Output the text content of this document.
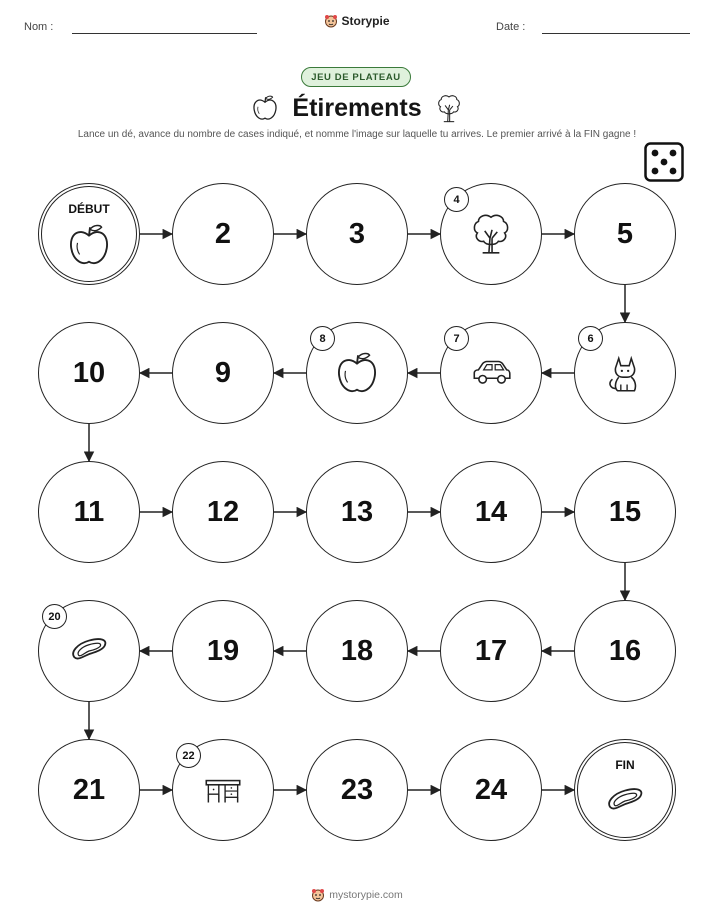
Nom :	Storypie	Date :
JEU DE PLATEAU
Étirements
Lance un dé, avance du nombre de cases indiqué, et nomme l'image sur laquelle tu arrives. Le premier arrivé à la FIN gagne !
DÉBUT
2	3
4
5
6
7
8
9
10
11	12	13	14	15
16
17
18
19
20
21
22
23	24
FIN
mystorypie.com
